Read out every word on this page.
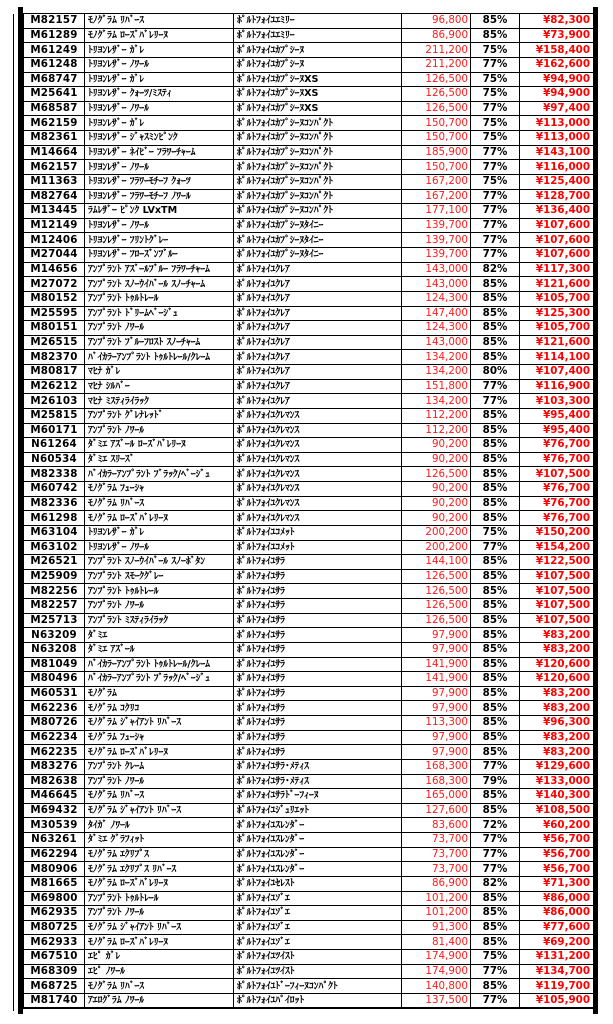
M82157	ﾓﾉｸﾞﾗﾑ ﾘﾊﾞｰｽ	ﾎﾟﾙﾄﾌｫｲﾕｴﾐﾘｰ	96,800	85%	¥82,300
M61289	ﾓﾉｸﾞﾗﾑ ﾛｰｽﾞﾊﾞﾚﾘｰﾇ	ﾎﾟﾙﾄﾌｫｲﾕｴﾐﾘｰ	86,900	85%	¥73,900
M61249	ﾄﾘﾖﾝﾚｻﾞｰ ｶﾞﾚ	ﾎﾟﾙﾄﾌｫｲﾕｶﾌﾟｼｰﾇ	211,200	75%	¥158,400
M61248	ﾄﾘﾖﾝﾚｻﾞｰ ﾉﾜｰﾙ	ﾎﾟﾙﾄﾌｫｲﾕｶﾌﾟｼｰﾇ	211,200	77%	¥162,600
M68747	ﾄﾘﾖﾝﾚｻﾞｰ ｶﾞﾚ	ﾎﾟﾙﾄﾌｫｲﾕｶﾌﾟｼｰﾇXS	126,500	75%	¥94,900
M25641	ﾄﾘﾖﾝﾚｻﾞｰ ｸｫｰﾂ/ﾐｽﾃｨ	ﾎﾟﾙﾄﾌｫｲﾕｶﾌﾟｼｰﾇXS	126,500	75%	¥94,900
M68587	ﾄﾘﾖﾝﾚｻﾞｰ ﾉﾜｰﾙ	ﾎﾟﾙﾄﾌｫｲﾕｶﾌﾟｼｰﾇXS	126,500	77%	¥97,400
M62159	ﾄﾘﾖﾝﾚｻﾞｰ ｶﾞﾚ	ﾎﾟﾙﾄﾌｫｲﾕｶﾌﾟｼｰﾇｺﾝﾊﾟｸﾄ	150,700	75%	¥113,000
M82361	ﾄﾘﾖﾝﾚｻﾞｰ ｼﾞｬｽﾐﾝﾋﾟﾝｸ	ﾎﾟﾙﾄﾌｫｲﾕｶﾌﾟｼｰﾇｺﾝﾊﾟｸﾄ	150,700	75%	¥113,000
M14664	ﾄﾘﾖﾝﾚｻﾞｰ ﾈｲﾋﾞｰ ﾌﾗﾜｰﾁｬｰﾑ	ﾎﾟﾙﾄﾌｫｲﾕｶﾌﾟｼｰﾇｺﾝﾊﾟｸﾄ	185,900	77%	¥143,100
M62157	ﾄﾘﾖﾝﾚｻﾞｰ ﾉﾜｰﾙ	ﾎﾟﾙﾄﾌｫｲﾕｶﾌﾟｼｰﾇｺﾝﾊﾟｸﾄ	150,700	77%	¥116,000
M11363	ﾄﾘﾖﾝﾚｻﾞｰ ﾌﾗﾜｰﾓﾁｰﾌ ｸｫｰﾂ	ﾎﾟﾙﾄﾌｫｲﾕｶﾌﾟｼｰﾇｺﾝﾊﾟｸﾄ	167,200	75%	¥125,400
M82764	ﾄﾘﾖﾝﾚｻﾞｰ ﾌﾗﾜｰﾓﾁｰﾌ ﾉﾜｰﾙ	ﾎﾟﾙﾄﾌｫｲﾕｶﾌﾟｼｰﾇｺﾝﾊﾟｸﾄ	167,200	77%	¥128,700
M13445	ﾗﾑﾚｻﾞｰ ﾋﾟﾝｸ LVxTM	ﾎﾟﾙﾄﾌｫｲﾕｶﾌﾟｼｰﾇｺﾝﾊﾟｸﾄ	177,100	77%	¥136,400
M12149	ﾄﾘﾖﾝﾚｻﾞｰ ﾉﾜｰﾙ	ﾎﾟﾙﾄﾌｫｲﾕｶﾌﾟｼｰﾇﾀｲﾆｰ	139,700	77%	¥107,600
M12406	ﾄﾘﾖﾝﾚｻﾞｰ ﾌﾘﾝﾄｸﾞﾚｰ	ﾎﾟﾙﾄﾌｫｲﾕｶﾌﾟｼｰﾇﾀｲﾆｰ	139,700	77%	¥107,600
M27044	ﾄﾘﾖﾝﾚｻﾞｰ ﾌﾛｰｽﾞﾝﾌﾞﾙｰ	ﾎﾟﾙﾄﾌｫｲﾕｶﾌﾟｼｰﾇﾀｲﾆｰ	139,700	77%	¥107,600
M14656	ｱﾝﾌﾟﾗﾝﾄ ｱｽﾞｰﾙﾌﾞﾙｰ ﾌﾗﾜｰﾁｬｰﾑ	ﾎﾟﾙﾄﾌｫｲﾕｸﾚｱ	143,000	82%	¥117,300
M27072	ｱﾝﾌﾟﾗﾝﾄ ｽﾉｰｳｲﾊﾞｰﾙ ｽﾉｰﾁｬｰﾑ	ﾎﾟﾙﾄﾌｫｲﾕｸﾚｱ	143,000	85%	¥121,600
M80152	ｱﾝﾌﾟﾗﾝﾄ ﾄｩﾙﾄﾚｰﾙ	ﾎﾟﾙﾄﾌｫｲﾕｸﾚｱ	124,300	85%	¥105,700
M25595	ｱﾝﾌﾟﾗﾝﾄ ﾄﾞﾘｰﾑﾍﾞｰｼﾞｭ	ﾎﾟﾙﾄﾌｫｲﾕｸﾚｱ	147,400	85%	¥125,300
M80151	ｱﾝﾌﾟﾗﾝﾄ ﾉﾜｰﾙ	ﾎﾟﾙﾄﾌｫｲﾕｸﾚｱ	124,300	85%	¥105,700
M26515	ｱﾝﾌﾟﾗﾝﾄ ﾌﾞﾙｰﾌﾛｽﾄ ｽﾉｰﾁｬｰﾑ	ﾎﾟﾙﾄﾌｫｲﾕｸﾚｱ	143,000	85%	¥121,600
M82370	ﾊﾞｲｶﾗｰｱﾝﾌﾟﾗﾝﾄ ﾄｩﾙﾄﾚｰﾙ/ｸﾚｰﾑ	ﾎﾟﾙﾄﾌｫｲﾕｸﾚｱ	134,200	85%	¥114,100
M80817	ﾏﾋﾅ ｶﾞﾚ	ﾎﾟﾙﾄﾌｫｲﾕｸﾚｱ	134,200	80%	¥107,400
M26212	ﾏﾋﾅ ｼﾙﾊﾞｰ	ﾎﾟﾙﾄﾌｫｲﾕｸﾚｱ	151,800	77%	¥116,900
M26103	ﾏﾋﾅ ﾐｽﾃｨﾗｲﾗｯｸ	ﾎﾟﾙﾄﾌｫｲﾕｸﾚｱ	134,200	77%	¥103,300
M25815	ｱﾝﾌﾟﾗﾝﾄ ｸﾞﾚﾅﾚｯﾄﾞ	ﾎﾟﾙﾄﾌｫｲﾕｸﾚﾏﾝｽ	112,200	85%	¥95,400
M60171	ｱﾝﾌﾟﾗﾝﾄ ﾉﾜｰﾙ	ﾎﾟﾙﾄﾌｫｲﾕｸﾚﾏﾝｽ	112,200	85%	¥95,400
N61264	ﾀﾞﾐｴ ｱｽﾞｰﾙ ﾛｰｽﾞﾊﾞﾚﾘｰﾇ	ﾎﾟﾙﾄﾌｫｲﾕｸﾚﾏﾝｽ	90,200	85%	¥76,700
N60534	ﾀﾞﾐｴ ｽﾘｰｽﾞ	ﾎﾟﾙﾄﾌｫｲﾕｸﾚﾏﾝｽ	90,200	85%	¥76,700
M82338	ﾊﾞｲｶﾗｰｱﾝﾌﾟﾗﾝﾄ ﾌﾞﾗｯｸ/ﾍﾞｰｼﾞｭ	ﾎﾟﾙﾄﾌｫｲﾕｸﾚﾏﾝｽ	126,500	85%	¥107,500
M60742	ﾓﾉｸﾞﾗﾑ ﾌｭｰｼｬ	ﾎﾟﾙﾄﾌｫｲﾕｸﾚﾏﾝｽ	90,200	85%	¥76,700
M82336	ﾓﾉｸﾞﾗﾑ ﾘﾊﾞｰｽ	ﾎﾟﾙﾄﾌｫｲﾕｸﾚﾏﾝｽ	90,200	85%	¥76,700
M61298	ﾓﾉｸﾞﾗﾑ ﾛｰｽﾞﾊﾞﾚﾘｰﾇ	ﾎﾟﾙﾄﾌｫｲﾕｸﾚﾏﾝｽ	90,200	85%	¥76,700
M63104	ﾄﾘﾖﾝﾚｻﾞｰ ｶﾞﾚ	ﾎﾟﾙﾄﾌｫｲﾕｺﾒｯﾄ	200,200	75%	¥150,200
M63102	ﾄﾘﾖﾝﾚｻﾞｰ ﾉﾜｰﾙ	ﾎﾟﾙﾄﾌｫｲﾕｺﾒｯﾄ	200,200	77%	¥154,200
M26521	ｱﾝﾌﾟﾗﾝﾄ ｽﾉｰｳｲﾊﾞｰﾙ ｽﾉｰﾎﾞﾀﾝ	ﾎﾟﾙﾄﾌｫｲﾕｻﾗ	144,100	85%	¥122,500
M25909	ｱﾝﾌﾟﾗﾝﾄ ｽﾓｰｸｸﾞﾚｰ	ﾎﾟﾙﾄﾌｫｲﾕｻﾗ	126,500	85%	¥107,500
M82256	ｱﾝﾌﾟﾗﾝﾄ ﾄｩﾙﾄﾚｰﾙ	ﾎﾟﾙﾄﾌｫｲﾕｻﾗ	126,500	85%	¥107,500
M82257	ｱﾝﾌﾟﾗﾝﾄ ﾉﾜｰﾙ	ﾎﾟﾙﾄﾌｫｲﾕｻﾗ	126,500	85%	¥107,500
M25713	ｱﾝﾌﾟﾗﾝﾄ ﾐｽﾃｨﾗｲﾗｯｸ	ﾎﾟﾙﾄﾌｫｲﾕｻﾗ	126,500	85%	¥107,500
N63209	ﾀﾞﾐｴ	ﾎﾟﾙﾄﾌｫｲﾕｻﾗ	97,900	85%	¥83,200
N63208	ﾀﾞﾐｴ ｱｽﾞｰﾙ	ﾎﾟﾙﾄﾌｫｲﾕｻﾗ	97,900	85%	¥83,200
M81049	ﾊﾞｲｶﾗｰｱﾝﾌﾟﾗﾝﾄ ﾄｩﾙﾄﾚｰﾙ/ｸﾚｰﾑ	ﾎﾟﾙﾄﾌｫｲﾕｻﾗ	141,900	85%	¥120,600
M80496	ﾊﾞｲｶﾗｰｱﾝﾌﾟﾗﾝﾄ ﾌﾞﾗｯｸ/ﾍﾞｰｼﾞｭ	ﾎﾟﾙﾄﾌｫｲﾕｻﾗ	141,900	85%	¥120,600
M60531	ﾓﾉｸﾞﾗﾑ	ﾎﾟﾙﾄﾌｫｲﾕｻﾗ	97,900	85%	¥83,200
M62236	ﾓﾉｸﾞﾗﾑ ｺｸﾘｺ	ﾎﾟﾙﾄﾌｫｲﾕｻﾗ	97,900	85%	¥83,200
M80726	ﾓﾉｸﾞﾗﾑ ｼﾞｬｲｱﾝﾄ ﾘﾊﾞｰｽ	ﾎﾟﾙﾄﾌｫｲﾕｻﾗ	113,300	85%	¥96,300
M62234	ﾓﾉｸﾞﾗﾑ ﾌｭｰｼｬ	ﾎﾟﾙﾄﾌｫｲﾕｻﾗ	97,900	85%	¥83,200
M62235	ﾓﾉｸﾞﾗﾑ ﾛｰｽﾞﾊﾞﾚﾘｰﾇ	ﾎﾟﾙﾄﾌｫｲﾕｻﾗ	97,900	85%	¥83,200
M83276	ｱﾝﾌﾟﾗﾝﾄ ｸﾚｰﾑ	ﾎﾟﾙﾄﾌｫｲﾕｻﾗ･ﾒﾃｨｽ	168,300	77%	¥129,600
M82638	ｱﾝﾌﾟﾗﾝﾄ ﾉﾜｰﾙ	ﾎﾟﾙﾄﾌｫｲﾕｻﾗ･ﾒﾃｨｽ	168,300	79%	¥133,000
M46645	ﾓﾉｸﾞﾗﾑ ﾘﾊﾞｰｽ	ﾎﾟﾙﾄﾌｫｲﾕｻﾗﾄﾞｰﾌｨｰﾇ	165,000	85%	¥140,300
M69432	ﾓﾉｸﾞﾗﾑ ｼﾞｬｲｱﾝﾄ ﾘﾊﾞｰｽ	ﾎﾟﾙﾄﾌｫｲﾕｼﾞｭﾘｴｯﾄ	127,600	85%	¥108,500
M30539	ﾀｲｶﾞ ﾉﾜｰﾙ	ﾎﾟﾙﾄﾌｫｲﾕｽﾚﾝﾀﾞｰ	83,600	72%	¥60,200
N63261	ﾀﾞﾐｴ ｸﾞﾗﾌｨｯﾄ	ﾎﾟﾙﾄﾌｫｲﾕｽﾚﾝﾀﾞｰ	73,700	77%	¥56,700
M62294	ﾓﾉｸﾞﾗﾑ ｴｸﾘﾌﾟｽ	ﾎﾟﾙﾄﾌｫｲﾕｽﾚﾝﾀﾞｰ	73,700	77%	¥56,700
M80906	ﾓﾉｸﾞﾗﾑ ｴｸﾘﾌﾟｽ ﾘﾊﾞｰｽ	ﾎﾟﾙﾄﾌｫｲﾕｽﾚﾝﾀﾞｰ	73,700	77%	¥56,700
M81665	ﾓﾉｸﾞﾗﾑ ﾛｰｽﾞﾊﾞﾚﾘｰﾇ	ﾎﾟﾙﾄﾌｫｲﾕｾﾚｽﾄ	86,900	82%	¥71,300
M69800	ｱﾝﾌﾟﾗﾝﾄ ﾄｩﾙﾄﾚｰﾙ	ﾎﾟﾙﾄﾌｫｲﾕｿﾞｴ	101,200	85%	¥86,000
M62935	ｱﾝﾌﾟﾗﾝﾄ ﾉﾜｰﾙ	ﾎﾟﾙﾄﾌｫｲﾕｿﾞｴ	101,200	85%	¥86,000
M80725	ﾓﾉｸﾞﾗﾑ ｼﾞｬｲｱﾝﾄ ﾘﾊﾞｰｽ	ﾎﾟﾙﾄﾌｫｲﾕｿﾞｴ	91,300	85%	¥77,600
M62933	ﾓﾉｸﾞﾗﾑ ﾛｰｽﾞﾊﾞﾚﾘｰﾇ	ﾎﾟﾙﾄﾌｫｲﾕｿﾞｴ	81,400	85%	¥69,200
M67510	ｴﾋﾟ ｶﾞﾚ	ﾎﾟﾙﾄﾌｫｲﾕﾂｲｽﾄ	174,900	75%	¥131,200
M68309	ｴﾋﾟ ﾉﾜｰﾙ	ﾎﾟﾙﾄﾌｫｲﾕﾂｲｽﾄ	174,900	77%	¥134,700
M68725	ﾓﾉｸﾞﾗﾑ ﾘﾊﾞｰｽ	ﾎﾟﾙﾄﾌｫｲﾕﾄﾞｰﾌｨｰﾇｺﾝﾊﾟｸﾄ	140,800	85%	¥119,700
M81740	ｱｴﾛｸﾞﾗﾑ ﾉﾜｰﾙ	ﾎﾟﾙﾄﾌｫｲﾕﾊﾟｲﾛｯﾄ	137,500	77%	¥105,900
